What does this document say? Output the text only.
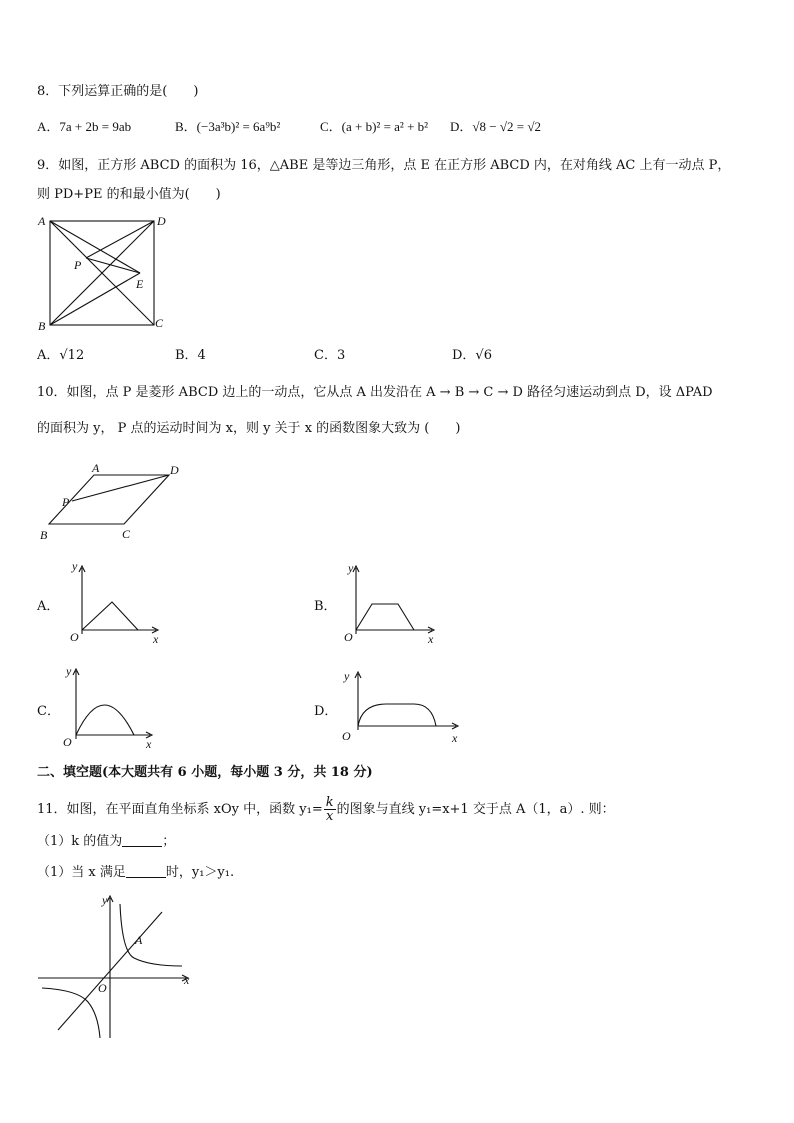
8．下列运算正确的是(　　)
A．7a + 2b = 9ab	B．(−3a³b)² = 6a⁹b²	C．(a + b)² = a² + b² D．√8 − √2 = √2
9．如图，正方形 ABCD 的面积为 16，△ABE 是等边三角形，点 E 在正方形 ABCD 内，在对角线 AC 上有一动点 P，
则 PD+PE 的和最小值为(　　)
A	D
P
E
B	C
A．√12	B．4	C．3	D．√6
10．如图，点 P 是菱形 ABCD 边上的一动点，它从点 A 出发沿在 A → B → C → D 路径匀速运动到点 D，设 ΔPAD
的面积为 y， P 点的运动时间为 x，则 y 关于 x 的函数图象大致为 (　　)
A	D
P
B	C
A．
y
x
O
B．
y
x
O
C．
y
x
O
D．
y
x
O
二、填空题(本大题共有 6 小题，每小题 3 分，共 18 分)
11．如图，在平面直角坐标系 xOy 中，函数 $y_1= \frac{k}{x}$ 的图象与直线 y₁=x+1 交于点 A（1，a）. 则：
（1）k 的值为	；
（1）当 x 满足	时，y₁＞y₁.
y
x
O
A
